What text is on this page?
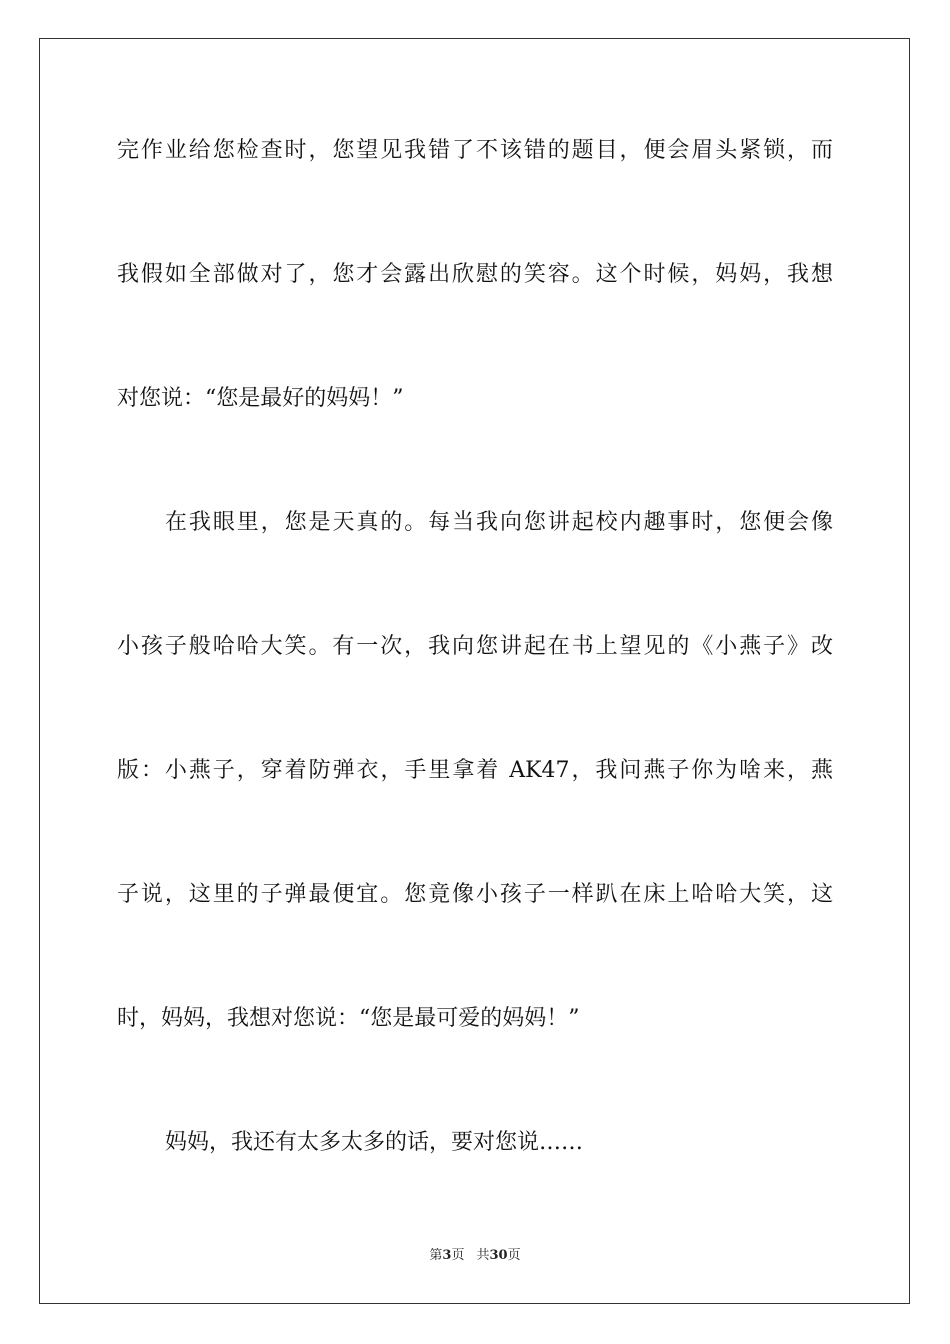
完作业给您检查时，您望见我错了不该错的题目，便会眉头紧锁，而
我假如全部做对了，您才会露出欣慰的笑容。这个时候，妈妈，我想
对您说：“您是最好的妈妈！”
在我眼里，您是天真的。每当我向您讲起校内趣事时，您便会像
小孩子般哈哈大笑。有一次，我向您讲起在书上望见的《小燕子》改
版：小燕子，穿着防弹衣，手里拿着 AK47，我问燕子你为啥来，燕
子说，这里的子弹最便宜。您竟像小孩子一样趴在床上哈哈大笑，这
时，妈妈，我想对您说：“您是最可爱的妈妈！”
妈妈，我还有太多太多的话，要对您说……
第3页 共30页
